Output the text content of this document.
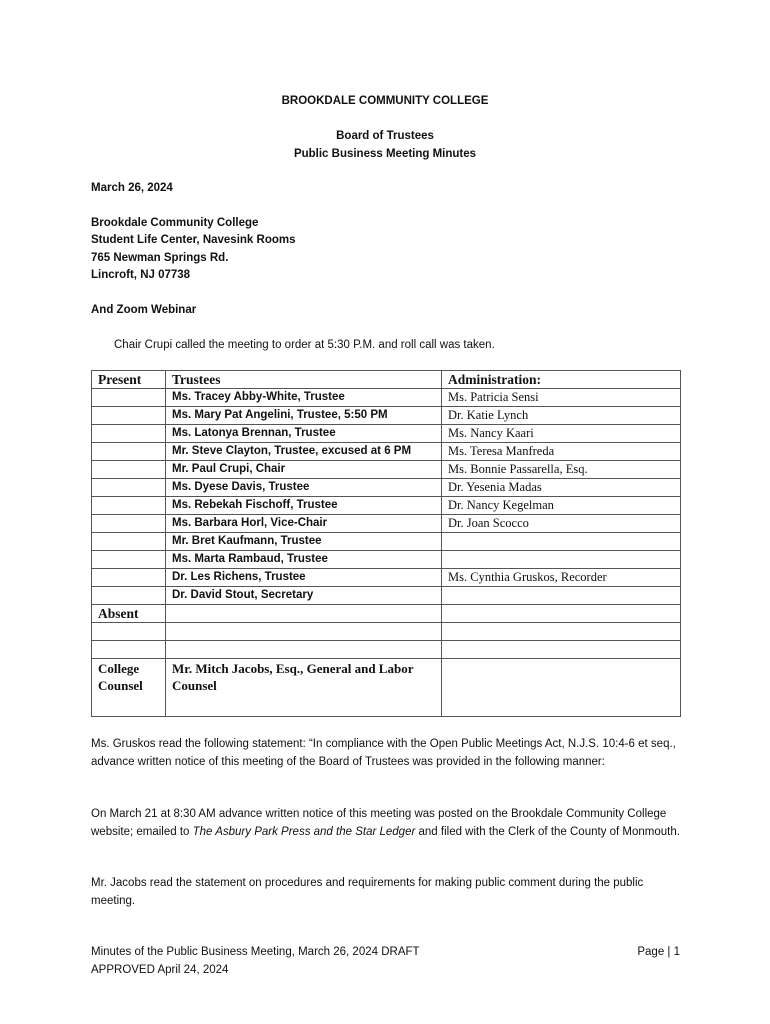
BROOKDALE COMMUNITY COLLEGE
Board of Trustees
Public Business Meeting Minutes
March 26, 2024
Brookdale Community College
Student Life Center, Navesink Rooms
765 Newman Springs Rd.
Lincroft, NJ 07738
And Zoom Webinar
Chair Crupi called the meeting to order at 5:30 P.M. and roll call was taken.
Present	Trustees	Administration:
	Ms. Tracey Abby-White, Trustee	Ms. Patricia Sensi
	Ms. Mary Pat Angelini, Trustee, 5:50 PM	Dr. Katie Lynch
	Ms. Latonya Brennan, Trustee	Ms. Nancy Kaari
	Mr. Steve Clayton, Trustee, excused at 6 PM	Ms. Teresa Manfreda
	Mr. Paul Crupi, Chair	Ms. Bonnie Passarella, Esq.
	Ms. Dyese Davis, Trustee	Dr. Yesenia Madas
	Ms. Rebekah Fischoff, Trustee	Dr. Nancy Kegelman
	Ms. Barbara Horl, Vice-Chair	Dr. Joan Scocco
	Mr. Bret Kaufmann, Trustee	
	Ms. Marta Rambaud, Trustee	
	Dr. Les Richens, Trustee	Ms. Cynthia Gruskos, Recorder
	Dr. David Stout, Secretary	
Absent		

College Counsel	Mr. Mitch Jacobs, Esq., General and Labor Counsel	
Ms. Gruskos read the following statement: “In compliance with the Open Public Meetings Act, N.J.S. 10:4-6 et seq., advance written notice of this meeting of the Board of Trustees was provided in the following manner:
On March 21 at 8:30 AM advance written notice of this meeting was posted on the Brookdale Community College website; emailed to The Asbury Park Press and the Star Ledger and filed with the Clerk of the County of Monmouth.
Mr. Jacobs read the statement on procedures and requirements for making public comment during the public meeting.
Minutes of the Public Business Meeting, March 26, 2024 DRAFT
APPROVED April 24, 2024
Page | 1
